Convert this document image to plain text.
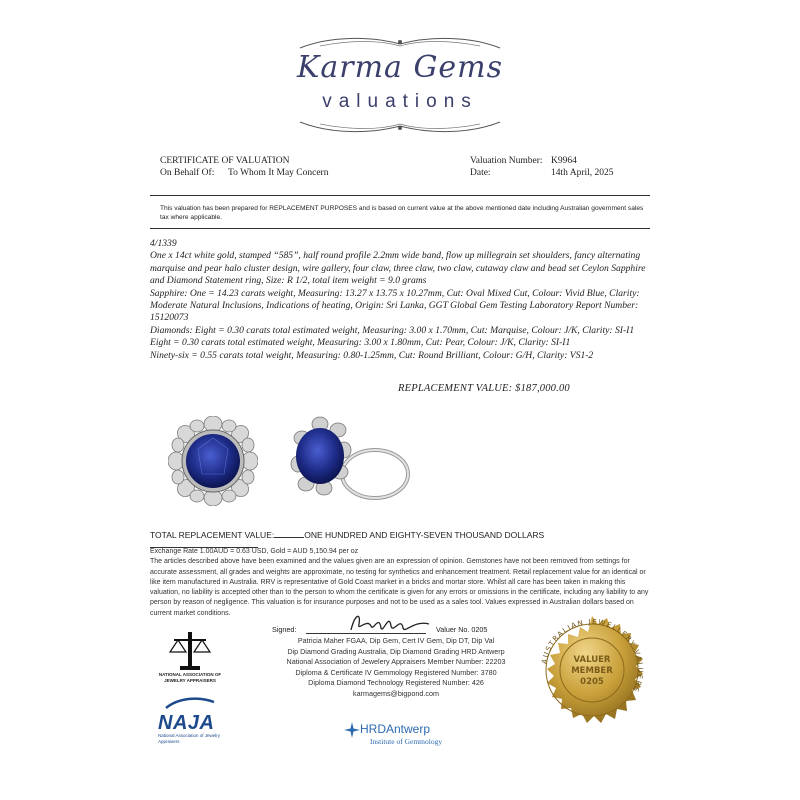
Karma Gems
valuations
CERTIFICATE OF VALUATION
On Behalf Of: To Whom It May Concern
Valuation Number: K9964
Date:	14th April, 2025
This valuation has been prepared for REPLACEMENT PURPOSES and is based on current value at the above mentioned date including Australian government sales tax where applicable.

4/1339

One x 14ct white gold, stamped “585”, half round profile 2.2mm wide band, flow up millegrain set shoulders, fancy alternating marquise and pear halo cluster design, wire gallery, four claw, three claw, two claw, cutaway claw and bead set Ceylon Sapphire and Diamond Statement ring, Size: R 1/2, total item weight = 9.0 grams

Sapphire: One = 14.23 carats weight, Measuring: 13.27 x 13.75 x 10.27mm, Cut: Oval Mixed Cut, Colour: Vivid Blue, Clarity: Moderate Natural Inclusions, Indications of heating, Origin: Sri Lanka, GGT Global Gem Testing Laboratory Report Number: 15120073

Diamonds: Eight = 0.30 carats total estimated weight, Measuring: 3.00 x 1.70mm, Cut: Marquise, Colour: J/K, Clarity: SI-I1

Eight = 0.30 carats total estimated weight, Measuring: 3.00 x 1.80mm, Cut: Pear, Colour: J/K, Clarity: SI-I1

Ninety-six = 0.55 carats total weight, Measuring: 0.80-1.25mm, Cut: Round Brilliant, Colour: G/H, Clarity: VS1-2

REPLACEMENT VALUE: $187,000.00
TOTAL REPLACEMENT VALUE:	ONE HUNDRED AND EIGHTY-SEVEN THOUSAND DOLLARS
Exchange Rate 1.00AUD = 0.63 USD, Gold = AUD 5,150.94 per oz
The articles described above have been examined and the values given are an expression of opinion. Gemstones have not been removed from settings for accurate assessment, all grades and weights are approximate, no testing for synthetics and enhancement treatment. Retail replacement value for an identical or like item manufactured in Australia. RRV is representative of Gold Coast market in a bricks and mortar store. Whilst all care has been taken in making this valuation, no liability is accepted other than to the person to whom the certificate is given for any errors or omissions in the certificate, including any liability to any person by reason of negligence. This valuation is for insurance purposes and not to be used as a sales tool. Values expressed in Australian dollars based on current market conditions.
Signed:	Valuer No. 0205
Patricia Maher FGAA, Dip Gem, Cert IV Gem, Dip DT, Dip Val
Dip Diamond Grading Australia, Dip Diamond Grading HRD Antwerp
National Association of Jewelery Appraisers Member Number: 22203
Diploma & Certificate IV Gemmology Registered Number: 3780
Diploma Diamond Technology Registered Number: 426
karmagems@bigpond.com
NATIONAL ASSOCIATION OF JEWELRY APPRAISERS
NAJA
National Association of Jewelry Appraisers
HRDAntwerp
Institute of Gemmology
AUSTRALIAN JEWELLERY VALUERS
VALUER
MEMBER
0205
